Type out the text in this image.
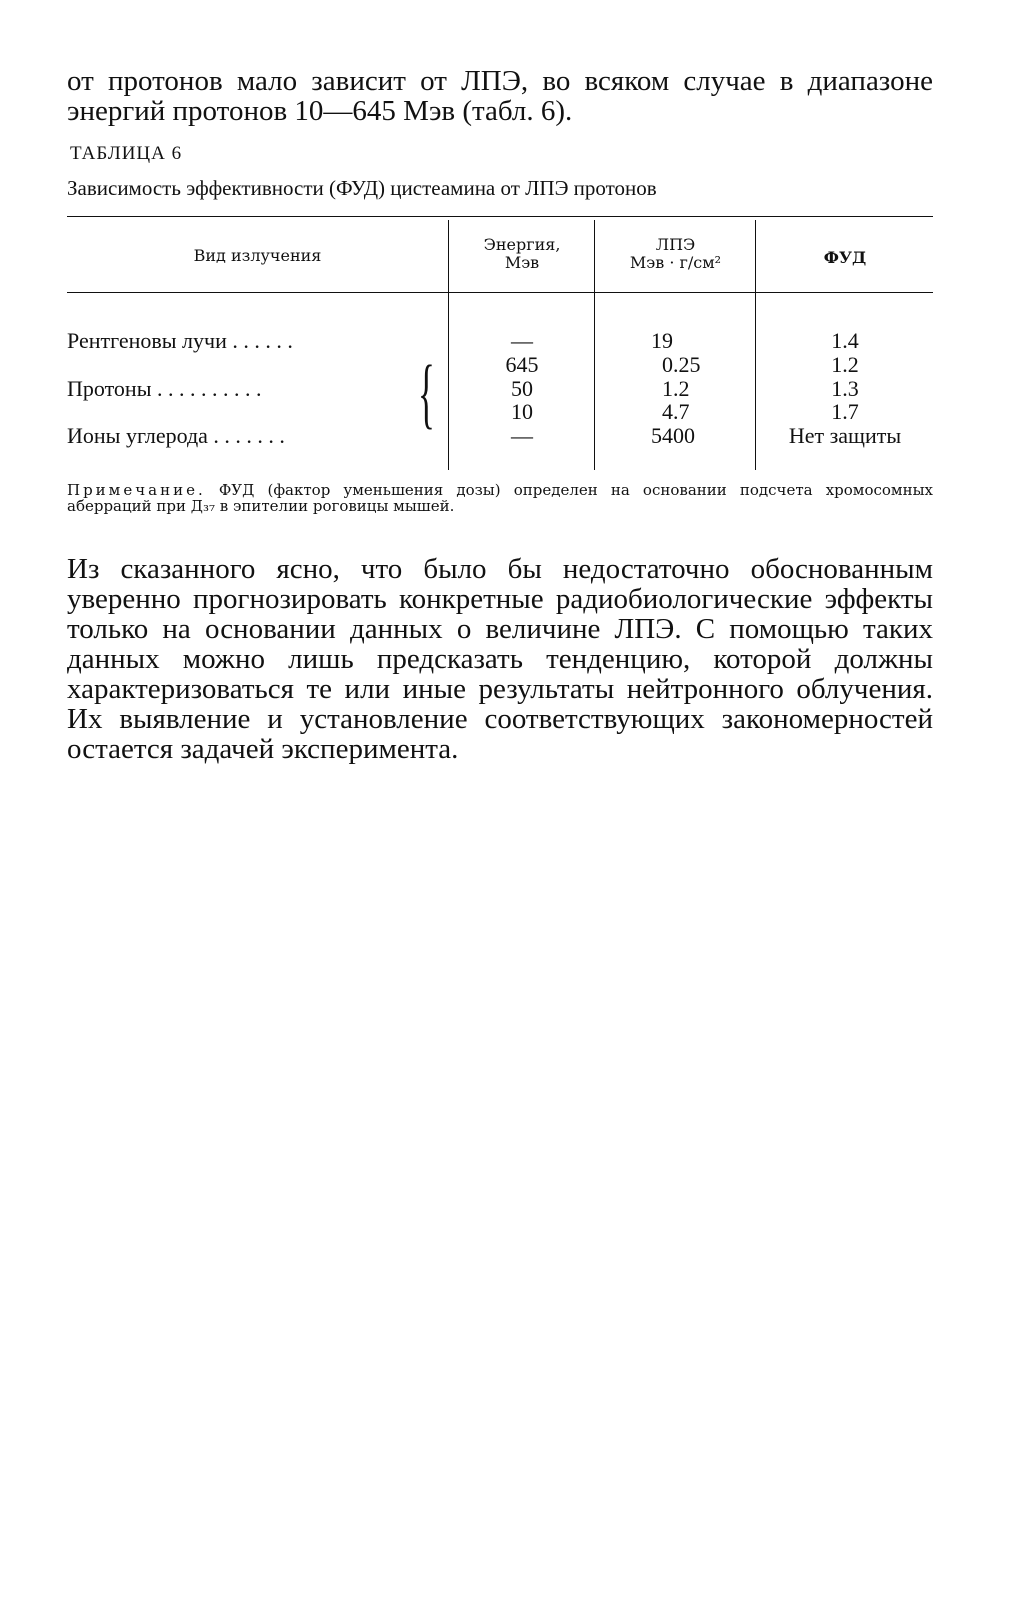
от протонов мало зависит от ЛПЭ, во всяком случае в диапазоне энергий протонов 10—645 Мэв (табл. 6).

ТАБЛИЦА 6
Зависимость эффективности (ФУД) цистеамина от ЛПЭ протонов
Вид излучения
Энергия,
Мэв
ЛПЭ
Мэв · г/см²	ФУД
Рентгеновы лучи . . . . . .
Протоны . . . . . . . . . .
Ионы углерода . . . . . . . {
—
645
50
10
—
19
0.25
1.2
4.7
5400
1.4
1.2
1.3
1.7
Нет защиты

Примечание. ФУД (фактор уменьшения дозы) определен на основании подсчета хромосомных аберраций при Д₃₇ в эпителии роговицы мышей.

Из сказанного ясно, что было бы недостаточно обоснованным уверенно прогнозировать конкретные радиобиологические эффекты только на основании данных о величине ЛПЭ. С помощью таких данных можно лишь предсказать тенденцию, которой должны характеризоваться те или иные результаты нейтронного облучения. Их выявление и установление соответствующих закономерностей остается задачей эксперимента.
